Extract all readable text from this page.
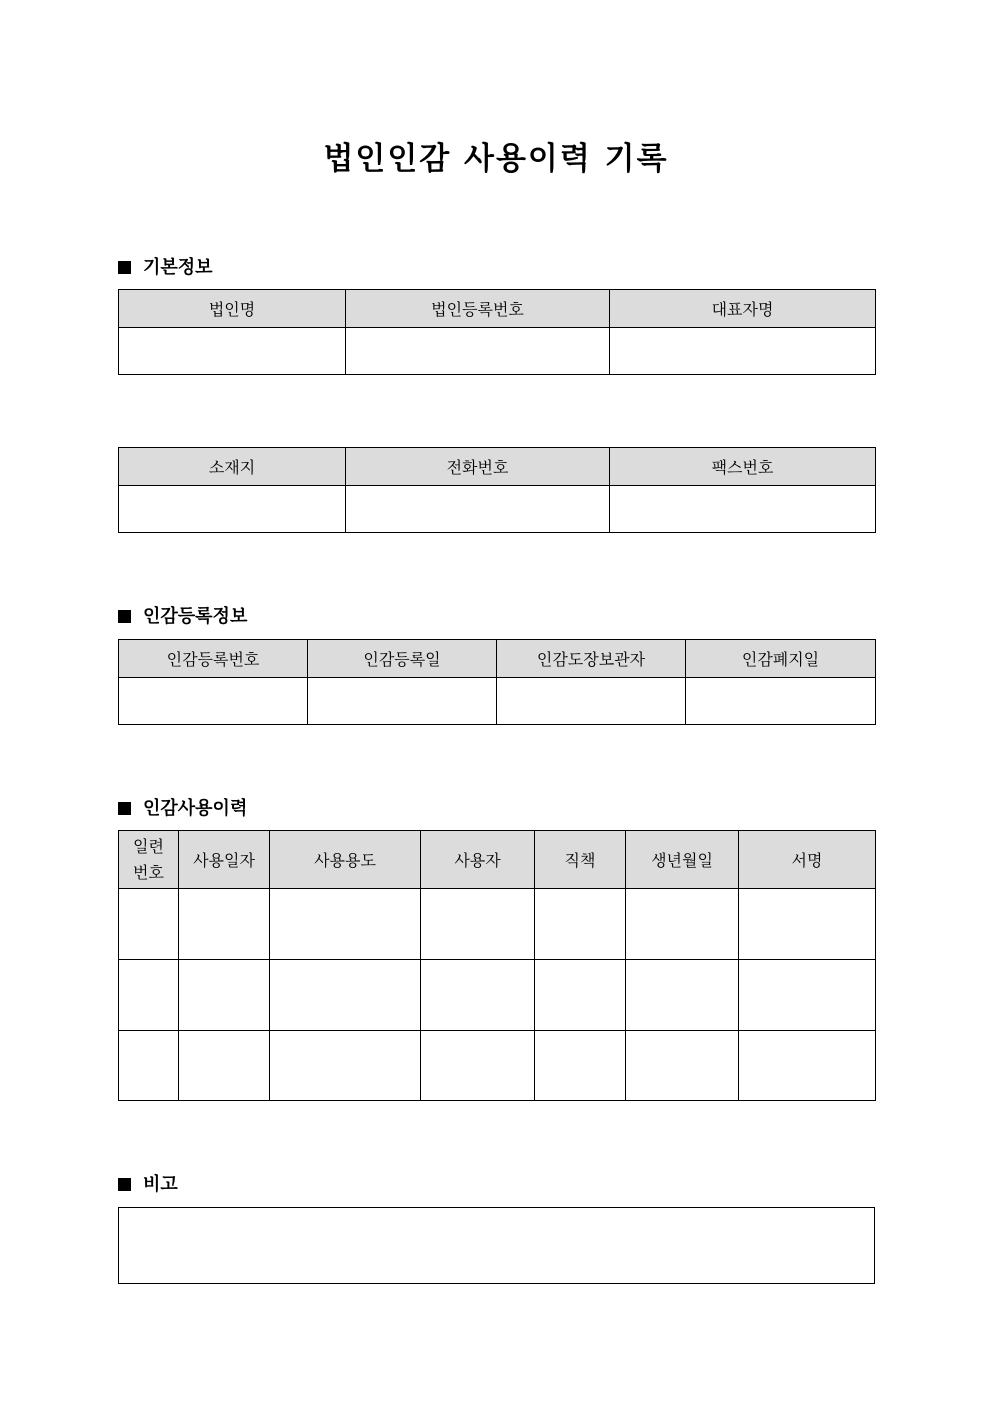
법인인감 사용이력 기록
기본정보
법인명	법인등록번호	대표자명

소재지	전화번호	팩스번호

인감등록정보
인감등록번호	인감등록일	인감도장보관자	인감폐지일

인감사용이력
일련
번호	사용일자	사용용도	사용자	직책	생년월일	서명

비고
